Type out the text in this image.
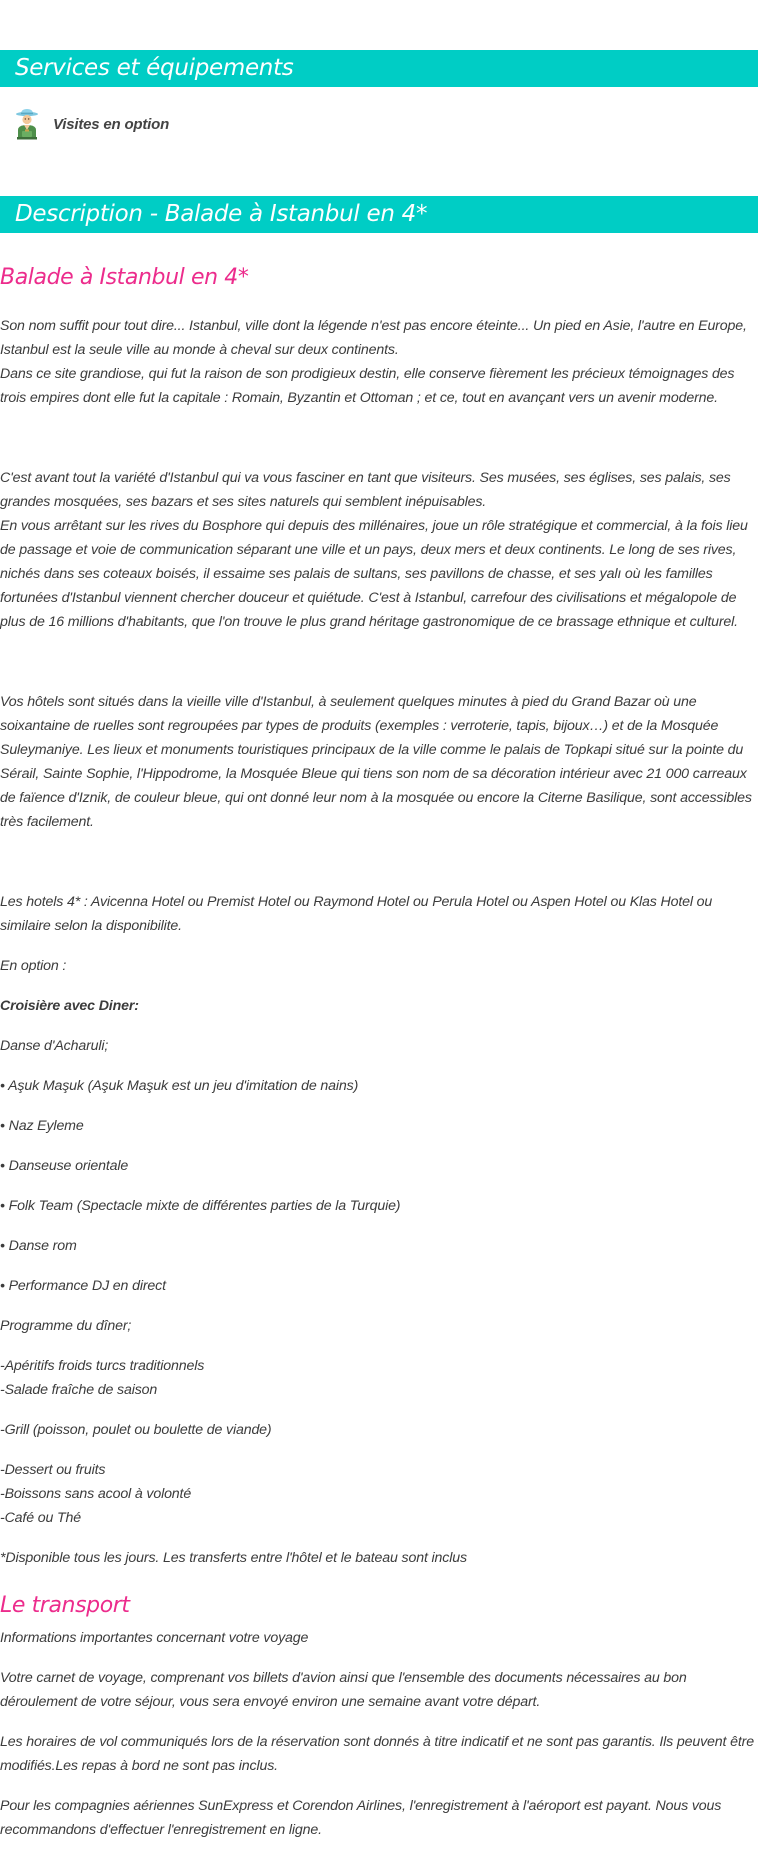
Services et équipements
Visites en option
Description - Balade à Istanbul en 4*
Balade à Istanbul en 4*

Son nom suffit pour tout dire... Istanbul, ville dont la légende n'est pas encore éteinte... Un pied en Asie, l'autre en Europe, Istanbul est la seule ville au monde à cheval sur deux continents.

Dans ce site grandiose, qui fut la raison de son prodigieux destin, elle conserve fièrement les précieux témoignages des trois empires dont elle fut la capitale : Romain, Byzantin et Ottoman ; et ce, tout en avançant vers un avenir moderne.

C'est avant tout la variété d'Istanbul qui va vous fasciner en tant que visiteurs. Ses musées, ses églises, ses palais, ses grandes mosquées, ses bazars et ses sites naturels qui semblent inépuisables.

En vous arrêtant sur les rives du Bosphore qui depuis des millénaires, joue un rôle stratégique et commercial, à la fois lieu de passage et voie de communication séparant une ville et un pays, deux mers et deux continents. Le long de ses rives, nichés dans ses coteaux boisés, il essaime ses palais de sultans, ses pavillons de chasse, et ses yalı où les familles fortunées d'Istanbul viennent chercher douceur et quiétude. C'est à Istanbul, carrefour des civilisations et mégalopole de plus de 16 millions d'habitants, que l'on trouve le plus grand héritage gastronomique de ce brassage ethnique et culturel.

Vos hôtels sont situés dans la vieille ville d'Istanbul, à seulement quelques minutes à pied du Grand Bazar où une soixantaine de ruelles sont regroupées par types de produits (exemples : verroterie, tapis, bijoux…) et de la Mosquée Suleymaniye. Les lieux et monuments touristiques principaux de la ville comme le palais de Topkapi situé sur la pointe du Sérail, Sainte Sophie, l'Hippodrome, la Mosquée Bleue qui tiens son nom de sa décoration intérieur avec 21 000 carreaux de faïence d'Iznik, de couleur bleue, qui ont donné leur nom à la mosquée ou encore la Citerne Basilique, sont accessibles très facilement.

Les hotels 4* : Avicenna Hotel ou Premist Hotel ou Raymond Hotel ou Perula Hotel ou Aspen Hotel ou Klas Hotel ou similaire selon la disponibilite.

En option :

Croisière avec Diner:

Danse d'Acharuli;

• Aşuk Maşuk (Aşuk Maşuk est un jeu d'imitation de nains)

• Naz Eyleme

• Danseuse orientale

• Folk Team (Spectacle mixte de différentes parties de la Turquie)

• Danse rom

• Performance DJ en direct

Programme du dîner;

-Apéritifs froids turcs traditionnels

-Salade fraîche de saison

-Grill (poisson, poulet ou boulette de viande)

-Dessert ou fruits

-Boissons sans acool à volonté

-Café ou Thé

*Disponible tous les jours. Les transferts entre l'hôtel et le bateau sont inclus

Le transport

Informations importantes concernant votre voyage

Votre carnet de voyage, comprenant vos billets d'avion ainsi que l'ensemble des documents nécessaires au bon déroulement de votre séjour, vous sera envoyé environ une semaine avant votre départ.

Les horaires de vol communiqués lors de la réservation sont donnés à titre indicatif et ne sont pas garantis. Ils peuvent être modifiés.Les repas à bord ne sont pas inclus.

Pour les compagnies aériennes SunExpress et Corendon Airlines, l'enregistrement à l'aéroport est payant. Nous vous recommandons d'effectuer l'enregistrement en ligne.
